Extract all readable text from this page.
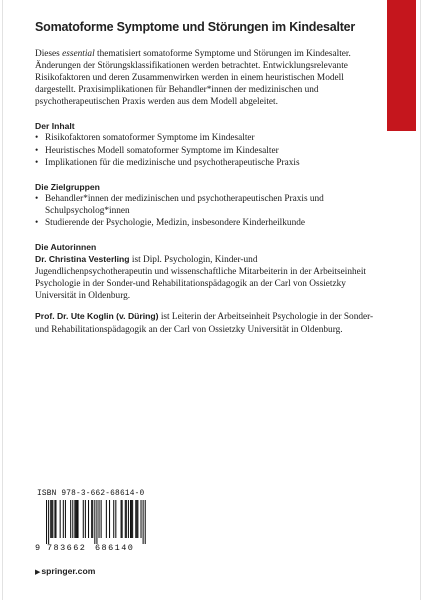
Somatoforme Symptome und Störungen im Kindesalter

Dieses essential thematisiert somatoforme Symptome und Störungen im Kindesalter. Änderungen der Störungsklassifikationen werden betrachtet. Entwicklungsrelevante Risikofaktoren und deren Zusammenwirken werden in einem heuristischen Modell dargestellt. Praxisimplikationen für Behandler*innen der medizinischen und psychotherapeutischen Praxis werden aus dem Modell abgeleitet.

Der Inhalt
• Risikofaktoren somatoformer Symptome im Kindesalter
• Heuristisches Modell somatoformer Symptome im Kindesalter
• Implikationen für die medizinische und psychotherapeutische Praxis
Die Zielgruppen
• Behandler*innen der medizinischen und psychotherapeutischen Praxis und Schulpsycholog*innen
• Studierende der Psychologie, Medizin, insbesondere Kinderheilkunde
Die Autorinnen

Dr. Christina Vesterling ist Dipl. Psychologin, Kinder-und Jugendlichenpsychotherapeutin und wissenschaftliche Mitarbeiterin in der Arbeitseinheit Psychologie in der Sonder-und Rehabilitationspädagogik an der Carl von Ossietzky Universität in Oldenburg.

Prof. Dr. Ute Koglin (v. Düring) ist Leiterin der Arbeitseinheit Psychologie in der Sonder-und Rehabilitationspädagogik an der Carl von Ossietzky Universität in Oldenburg.

ISBN 978-3-662-68614-0
9 783662 686140
▶springer.com
